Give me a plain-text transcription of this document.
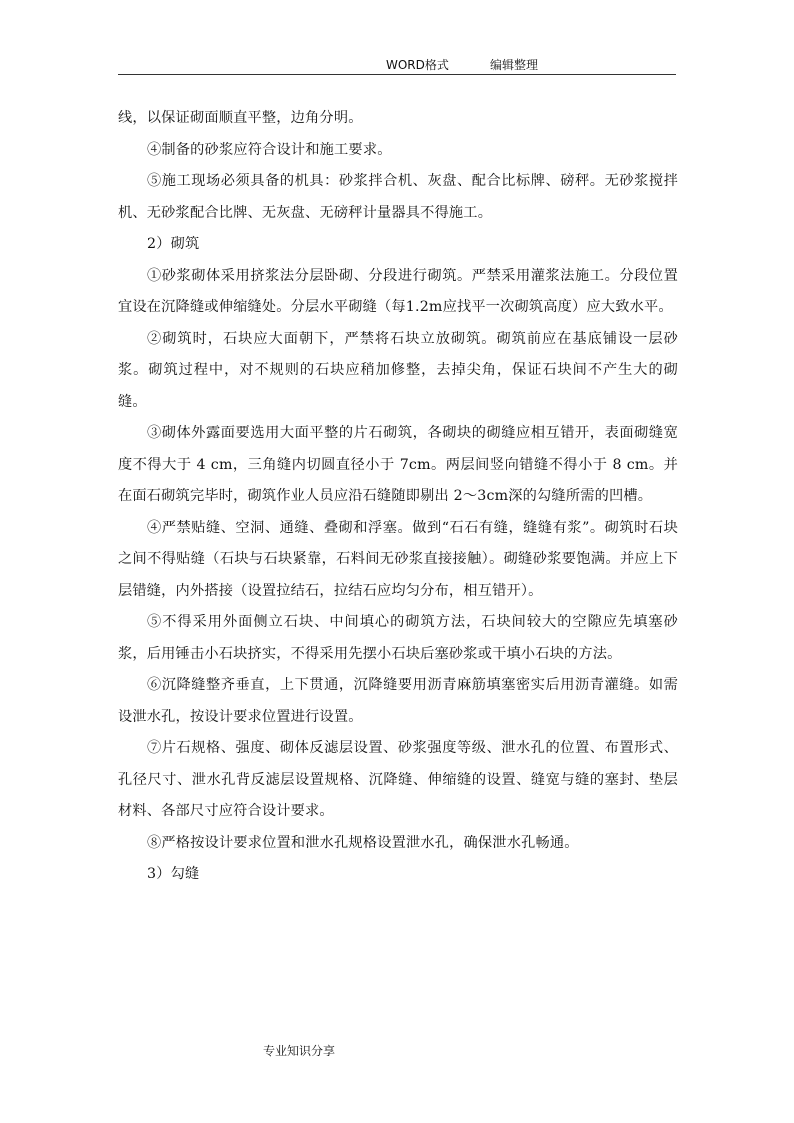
WORD格式	编辑整理

线，以保证砌面顺直平整，边角分明。

④制备的砂浆应符合设计和施工要求。

⑤施工现场必须具备的机具：砂浆拌合机、灰盘、配合比标牌、磅秤。无砂浆搅拌机、无砂浆配合比牌、无灰盘、无磅秤计量器具不得施工。

2）砌筑

①砂浆砌体采用挤浆法分层卧砌、分段进行砌筑。严禁采用灌浆法施工。分段位置宜设在沉降缝或伸缩缝处。分层水平砌缝（每1.2m应找平一次砌筑高度）应大致水平。

②砌筑时，石块应大面朝下，严禁将石块立放砌筑。砌筑前应在基底铺设一层砂浆。砌筑过程中，对不规则的石块应稍加修整，去掉尖角，保证石块间不产生大的砌缝。

③砌体外露面要选用大面平整的片石砌筑，各砌块的砌缝应相互错开，表面砌缝宽度不得大于 4 cm，三角缝内切圆直径小于 7cm。两层间竖向错缝不得小于 8 cm。并在面石砌筑完毕时，砌筑作业人员应沿石缝随即剔出 2～3cm深的勾缝所需的凹槽。

④严禁贴缝、空洞、通缝、叠砌和浮塞。做到“石石有缝，缝缝有浆”。砌筑时石块之间不得贴缝（石块与石块紧靠，石料间无砂浆直接接触）。砌缝砂浆要饱满。并应上下层错缝，内外搭接（设置拉结石，拉结石应均匀分布，相互错开）。

⑤不得采用外面侧立石块、中间填心的砌筑方法，石块间较大的空隙应先填塞砂浆，后用锤击小石块挤实，不得采用先摆小石块后塞砂浆或干填小石块的方法。

⑥沉降缝整齐垂直，上下贯通，沉降缝要用沥青麻筋填塞密实后用沥青灌缝。如需设泄水孔，按设计要求位置进行设置。

⑦片石规格、强度、砌体反滤层设置、砂浆强度等级、泄水孔的位置、布置形式、孔径尺寸、泄水孔背反滤层设置规格、沉降缝、伸缩缝的设置、缝宽与缝的塞封、垫层材料、各部尺寸应符合设计要求。

⑧严格按设计要求位置和泄水孔规格设置泄水孔，确保泄水孔畅通。

3）勾缝

专业知识分享
